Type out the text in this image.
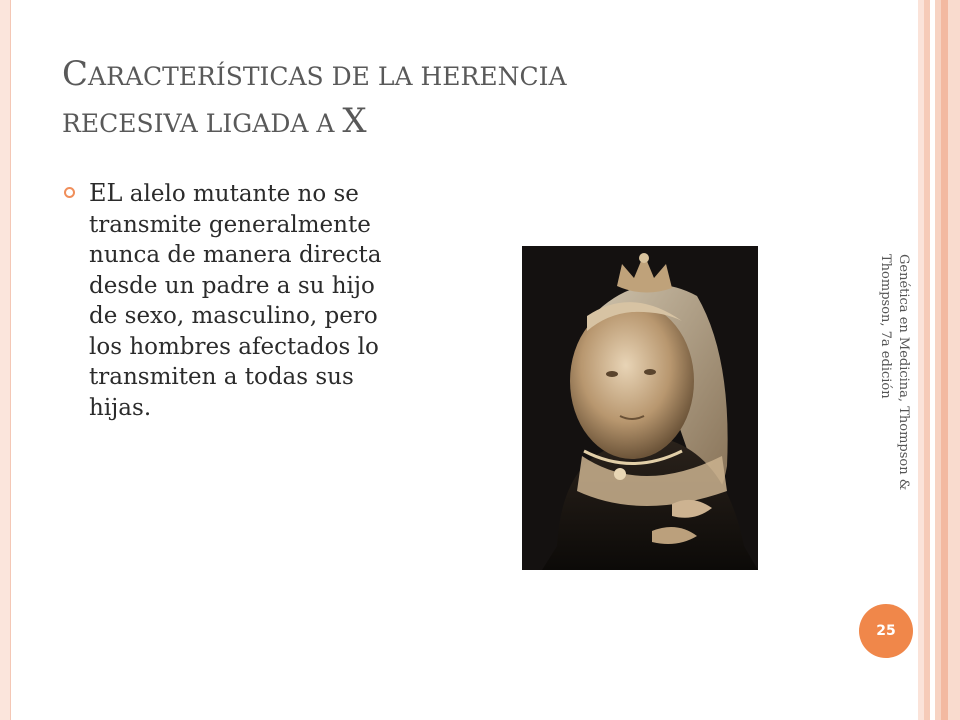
CARACTERÍSTICAS DE LA HERENCIA
RECESIVA LIGADA A X

EL alelo mutante no se transmite generalmente nunca de manera directa desde un padre a su hijo de sexo, masculino, pero los hombres afectados lo transmiten a todas sus hijas.	Genética en Medicina, Thompson & Thompson, 7a edición
25
